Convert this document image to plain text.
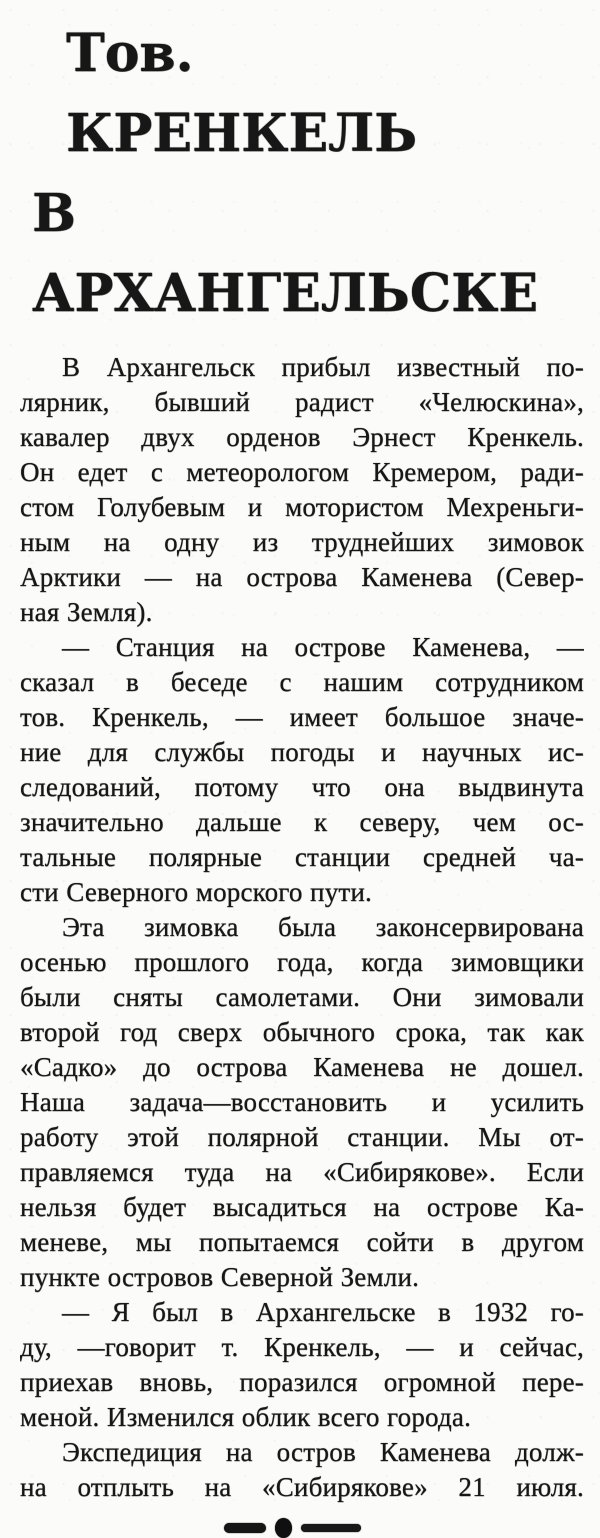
Тов. КРЕНКЕЛЬ
В АРХАНГЕЛЬСКЕ
В Архангельск прибыл известный по-
лярник, бывший радист «Челюскина»,
кавалер двух орденов Эрнест Кренкель.
Он едет с метеорологом Кремером, ради-
стом Голубевым и мотористом Мехреньги-
ным на одну из труднейших зимовок
Арктики — на острова Каменева (Север-
ная Земля).
— Станция на острове Каменева, —
сказал в беседе с нашим сотрудником
тов. Кренкель, — имеет большое значе-
ние для службы погоды и научных ис-
следований, потому что она выдвинута
значительно дальше к северу, чем ос-
тальные полярные станции средней ча-
сти Северного морского пути.
Эта зимовка была законсервирована
осенью прошлого года, когда зимовщики
были сняты самолетами. Они зимовали
второй год сверх обычного срока, так как
«Садко» до острова Каменева не дошел.
Наша задача—восстановить и усилить
работу этой полярной станции. Мы от-
правляемся туда на «Сибирякове». Если
нельзя будет высадиться на острове Ка-
меневе, мы попытаемся сойти в другом
пункте островов Северной Земли.
— Я был в Архангельске в 1932 го-
ду, —говорит т. Кренкель, — и сейчас,
приехав вновь, поразился огромной пере-
меной. Изменился облик всего города.
Экспедиция на остров Каменева долж-
на отплыть на «Сибирякове» 21 июля.
